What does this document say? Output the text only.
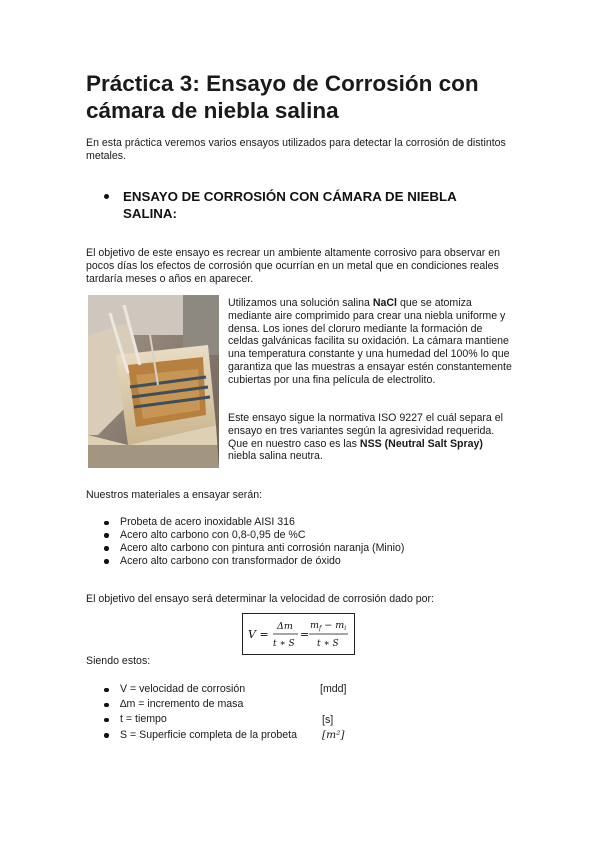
Práctica 3: Ensayo de Corrosión con cámara de niebla salina
En esta práctica veremos varios ensayos utilizados para detectar la corrosión de distintos metales.
ENSAYO DE CORROSIÓN CON CÁMARA DE NIEBLA SALINA:
El objetivo de este ensayo es recrear un ambiente altamente corrosivo para observar en pocos días los efectos de corrosión que ocurrían en un metal que en condiciones reales tardaría meses o años en aparecer.
Utilizamos una solución salina NaCl que se atomiza mediante aire comprimido para crear una niebla uniforme y densa. Los iones del cloruro mediante la formación de celdas galvánicas facilita su oxidación. La cámara mantiene una temperatura constante y una humedad del 100% lo que garantiza que las muestras a ensayar estén constantemente cubiertas por una fina película de electrolito.
Este ensayo sigue la normativa ISO 9227 el cuál separa el ensayo en tres variantes según la agresividad requerida. Que en nuestro caso es las NSS (Neutral Salt Spray) niebla salina neutra.
Nuestros materiales a ensayar serán:
Probeta de acero inoxidable AISI 316
Acero alto carbono con 0,8-0,95 de %C
Acero alto carbono con pintura anti corrosión naranja (Minio)
Acero alto carbono con transformador de óxido
El objetivo del ensayo será determinar la velocidad de corrosión dado por:
V =
Δm
t ∗ S
=
$m_f - m_i$
t ∗ S
Siendo estos:
V = velocidad de corrosión	[mdd]
∆m = incremento de masa
t = tiempo	[s]
S = Superficie completa de la probeta [m²]
